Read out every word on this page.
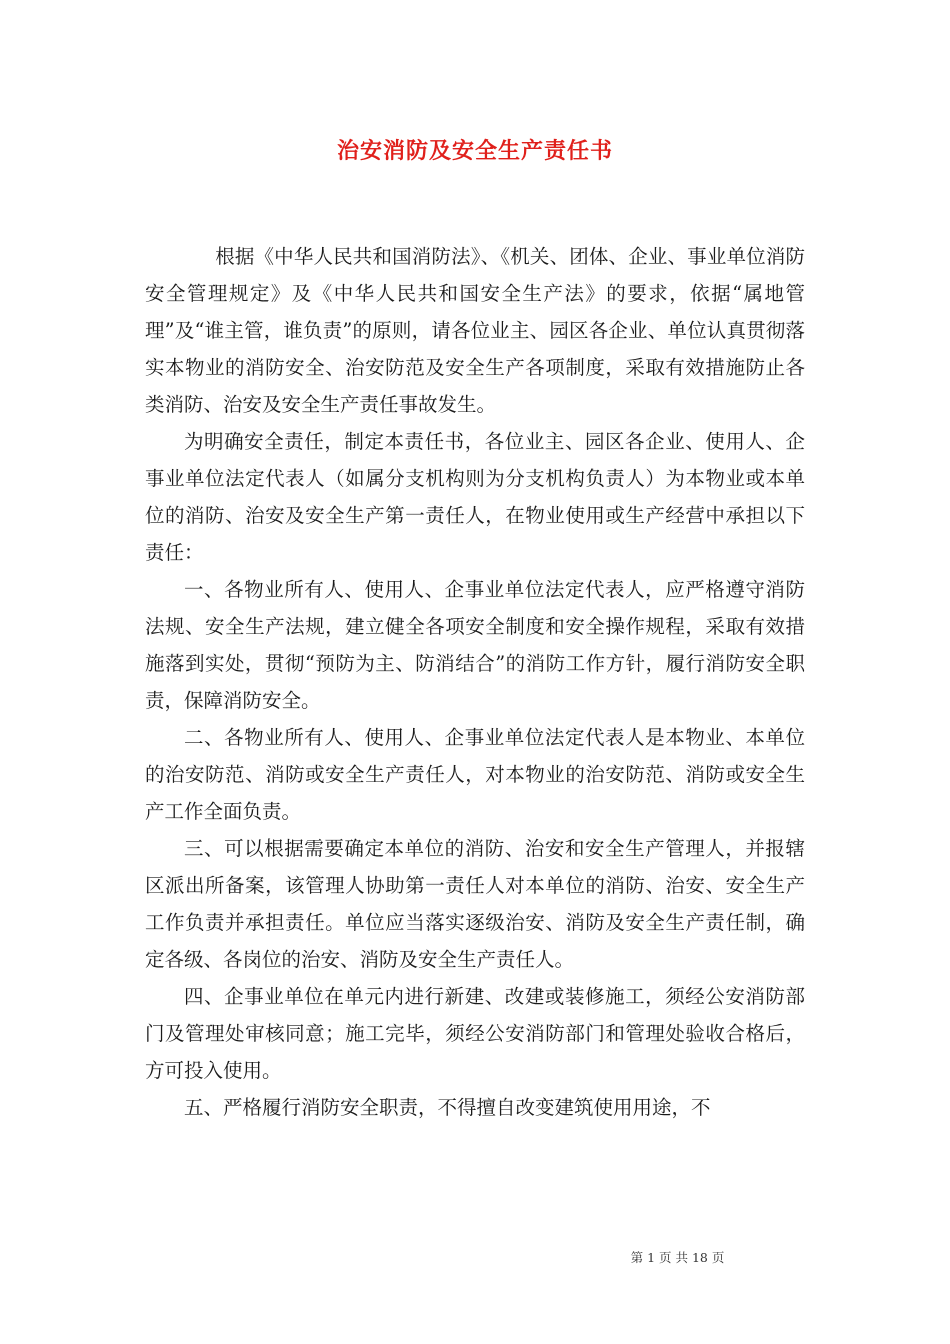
治安消防及安全生产责任书

根据《中华人民共和国消防法》、《机关、团体、企业、事业单位消防安全管理规定》及《中华人民共和国安全生产法》的要求，依据“属地管理”及“谁主管，谁负责”的原则，请各位业主、园区各企业、单位认真贯彻落实本物业的消防安全、治安防范及安全生产各项制度，采取有效措施防止各类消防、治安及安全生产责任事故发生。

为明确安全责任，制定本责任书，各位业主、园区各企业、使用人、企事业单位法定代表人（如属分支机构则为分支机构负责人）为本物业或本单位的消防、治安及安全生产第一责任人，在物业使用或生产经营中承担以下责任：

一、各物业所有人、使用人、企事业单位法定代表人，应严格遵守消防法规、安全生产法规，建立健全各项安全制度和安全操作规程，采取有效措施落到实处，贯彻“预防为主、防消结合”的消防工作方针，履行消防安全职责，保障消防安全。

二、各物业所有人、使用人、企事业单位法定代表人是本物业、本单位的治安防范、消防或安全生产责任人，对本物业的治安防范、消防或安全生产工作全面负责。

三、可以根据需要确定本单位的消防、治安和安全生产管理人，并报辖区派出所备案，该管理人协助第一责任人对本单位的消防、治安、安全生产工作负责并承担责任。单位应当落实逐级治安、消防及安全生产责任制，确定各级、各岗位的治安、消防及安全生产责任人。

四、企事业单位在单元内进行新建、改建或装修施工，须经公安消防部门及管理处审核同意；施工完毕，须经公安消防部门和管理处验收合格后，方可投入使用。

五、严格履行消防安全职责，不得擅自改变建筑使用用途，不

第 1 页 共 18 页
